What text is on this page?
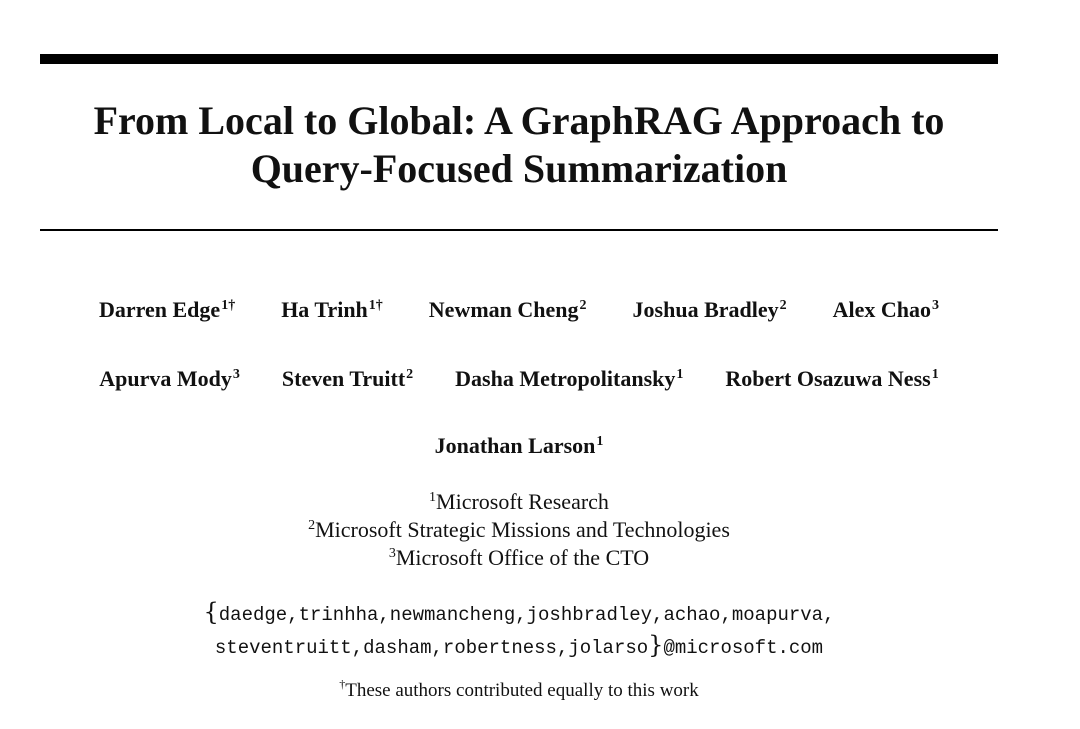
From Local to Global: A GraphRAG Approach to
Query-Focused Summarization
Darren Edge$^{1\dagger}$ Ha Trinh$^{1\dagger}$ Newman Cheng$^2$ Joshua Bradley$^2$ Alex Chao$^3$
Apurva Mody$^3$ Steven Truitt$^2$ Dasha Metropolitansky$^1$ Robert Osazuwa Ness$^1$
Jonathan Larson$^1$
$^1$Microsoft Research
$^2$Microsoft Strategic Missions and Technologies
$^3$Microsoft Office of the CTO
{daedge,trinhha,newmancheng,joshbradley,achao,moapurva,
steventruitt,dasham,robertness,jolarso}@microsoft.com
†These authors contributed equally to this work
